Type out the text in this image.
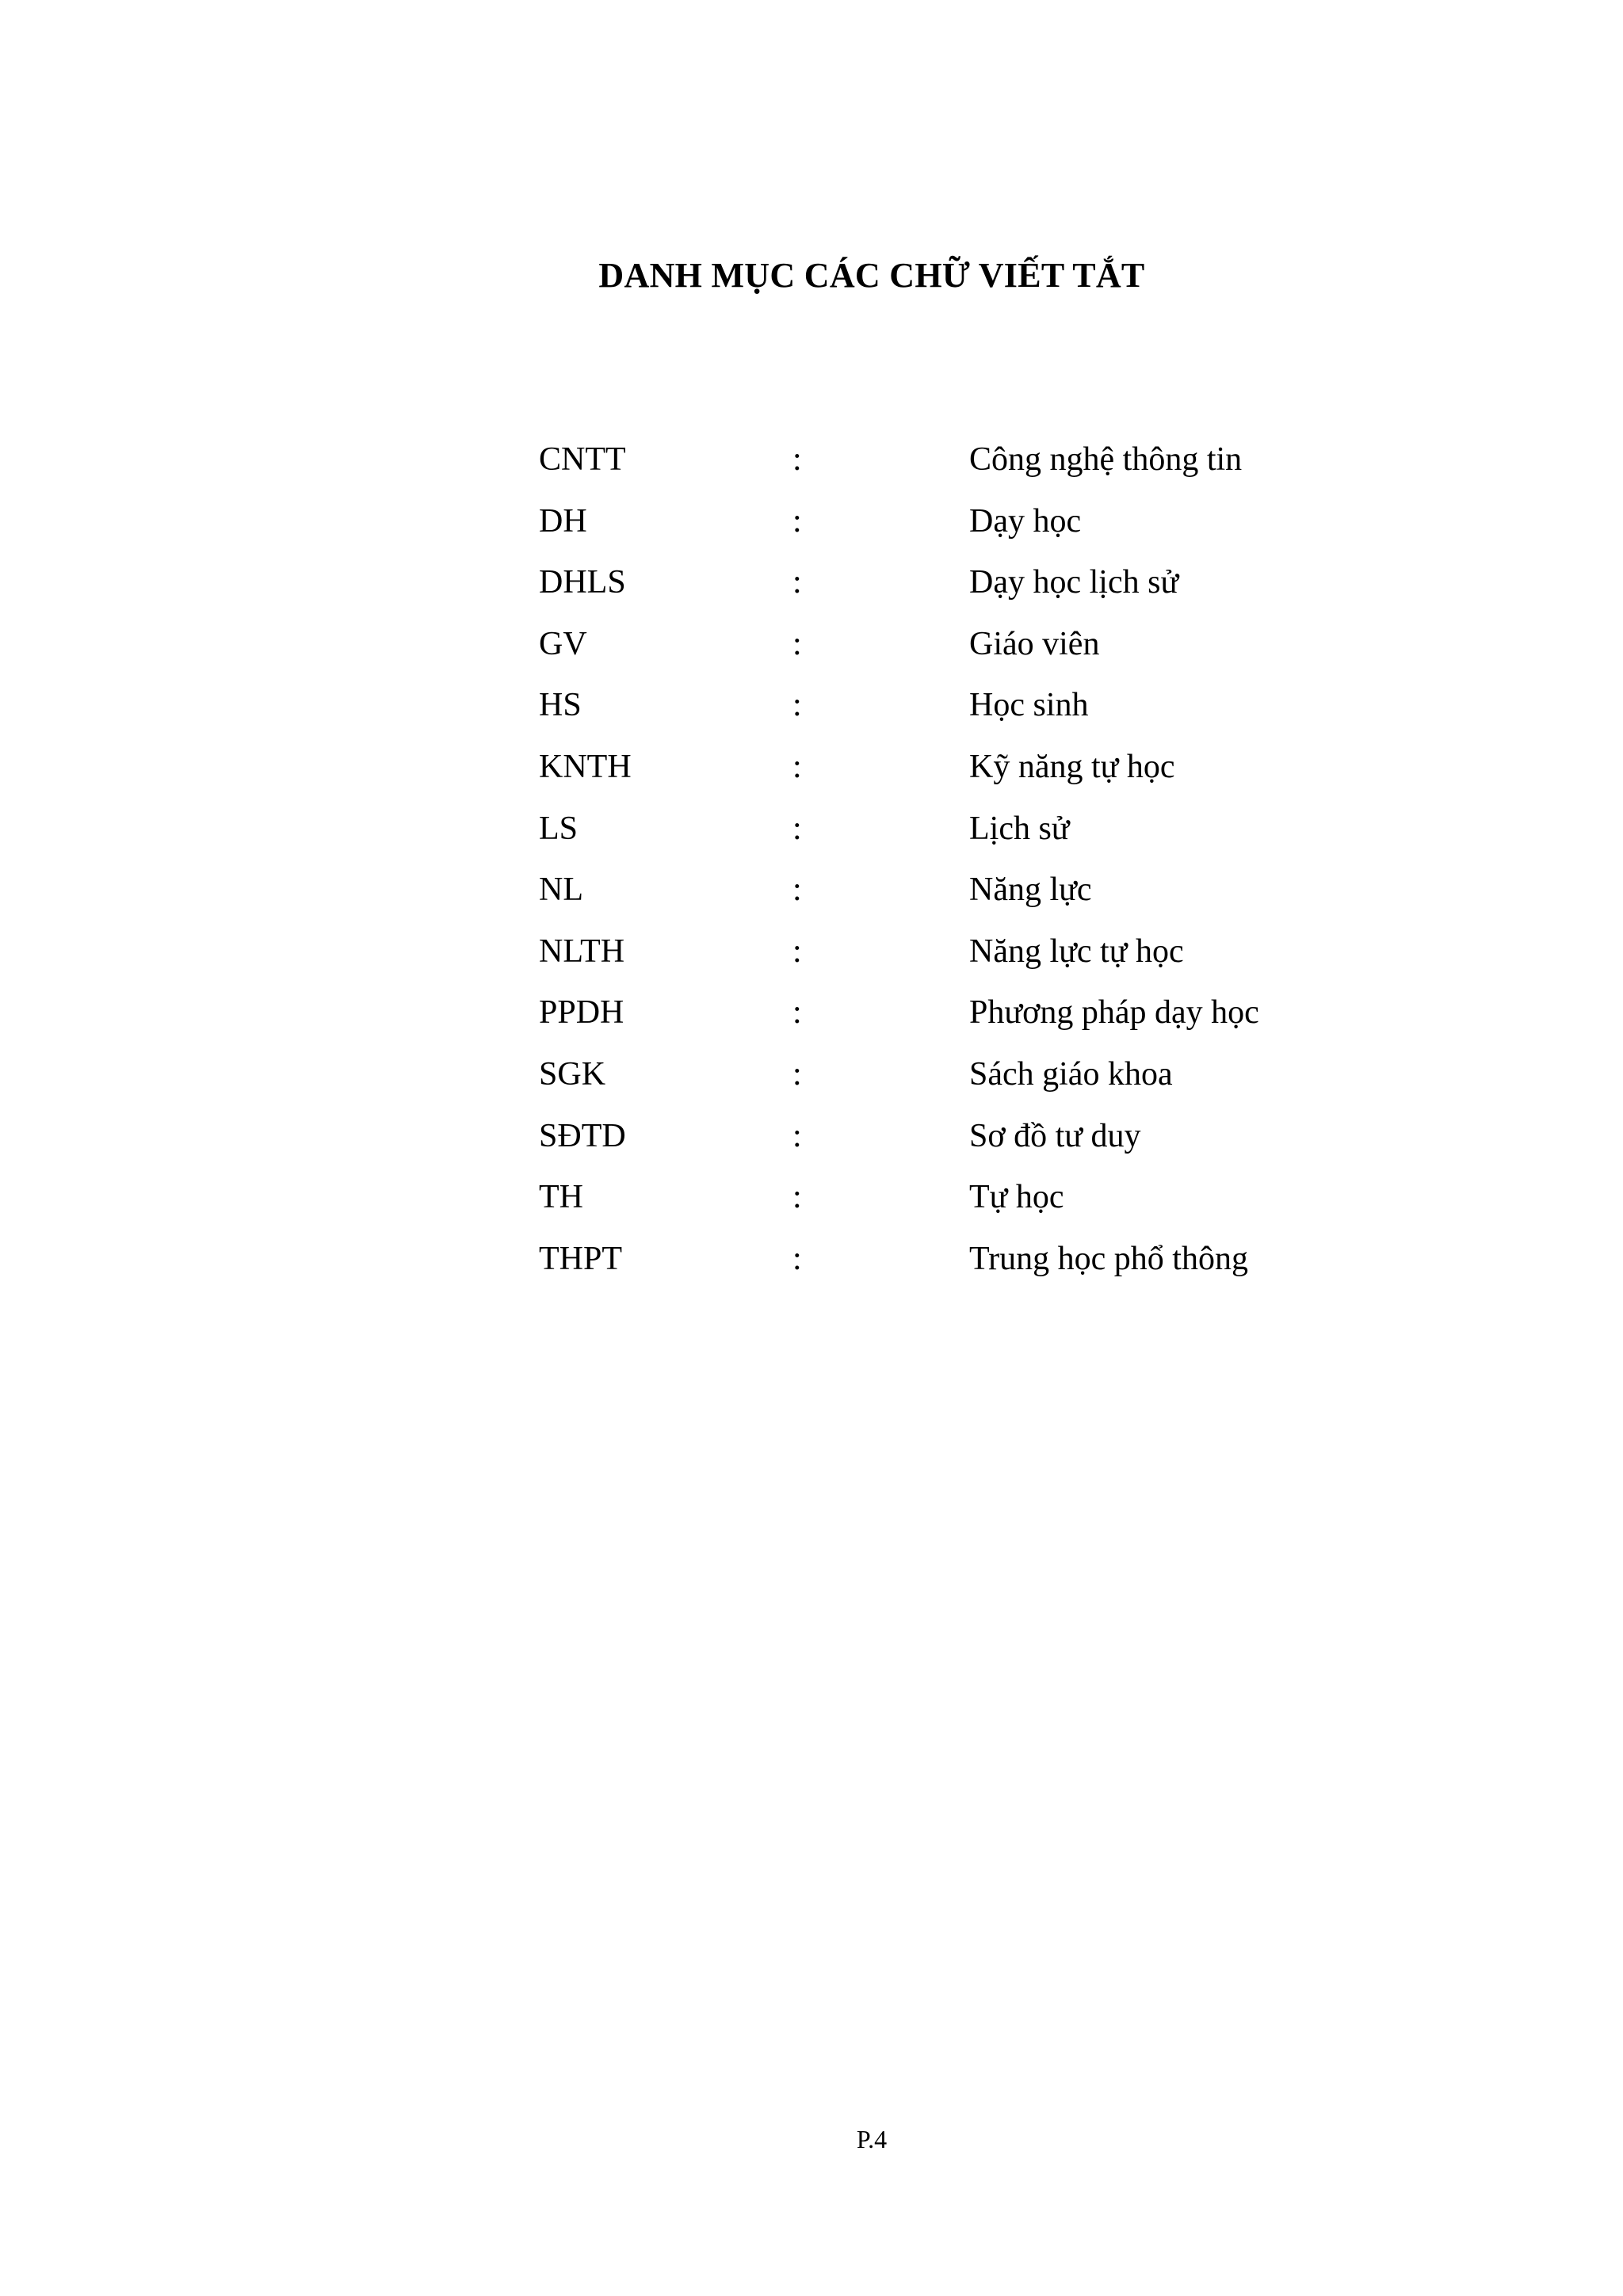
DANH MỤC CÁC CHỮ VIẾT TẮT
CNTT	:	Công nghệ thông tin
DH	:	Dạy học
DHLS	:	Dạy học lịch sử
GV	:	Giáo viên
HS	:	Học sinh
KNTH	:	Kỹ năng tự học
LS	:	Lịch sử
NL	:	Năng lực
NLTH	:	Năng lực tự học
PPDH	:	Phương pháp dạy học
SGK	:	Sách giáo khoa
SĐTD	:	Sơ đồ tư duy
TH	:	Tự học
THPT	:	Trung học phổ thông
P.4
